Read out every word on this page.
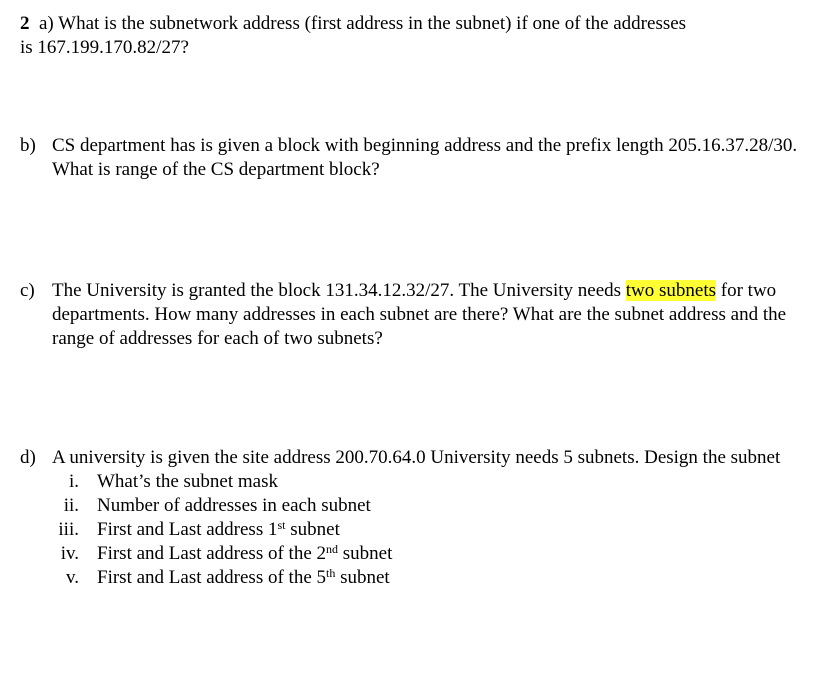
2 a) What is the subnetwork address (first address in the subnet) if one of the addresses
is 167.199.170.82/27?
b) CS department has is given a block with beginning address and the prefix length 205.16.37.28/30. What is range of the CS department block?
c) The University is granted the block 131.34.12.32/27. The University needs two subnets for two departments. How many addresses in each subnet are there? What are the subnet address and the range of addresses for each of two subnets?
d) A university is given the site address 200.70.64.0 University needs 5 subnets. Design the subnet
i. What’s the subnet mask
ii. Number of addresses in each subnet
iii. First and Last address 1st subnet
iv. First and Last address of the 2nd subnet
v. First and Last address of the 5th subnet
